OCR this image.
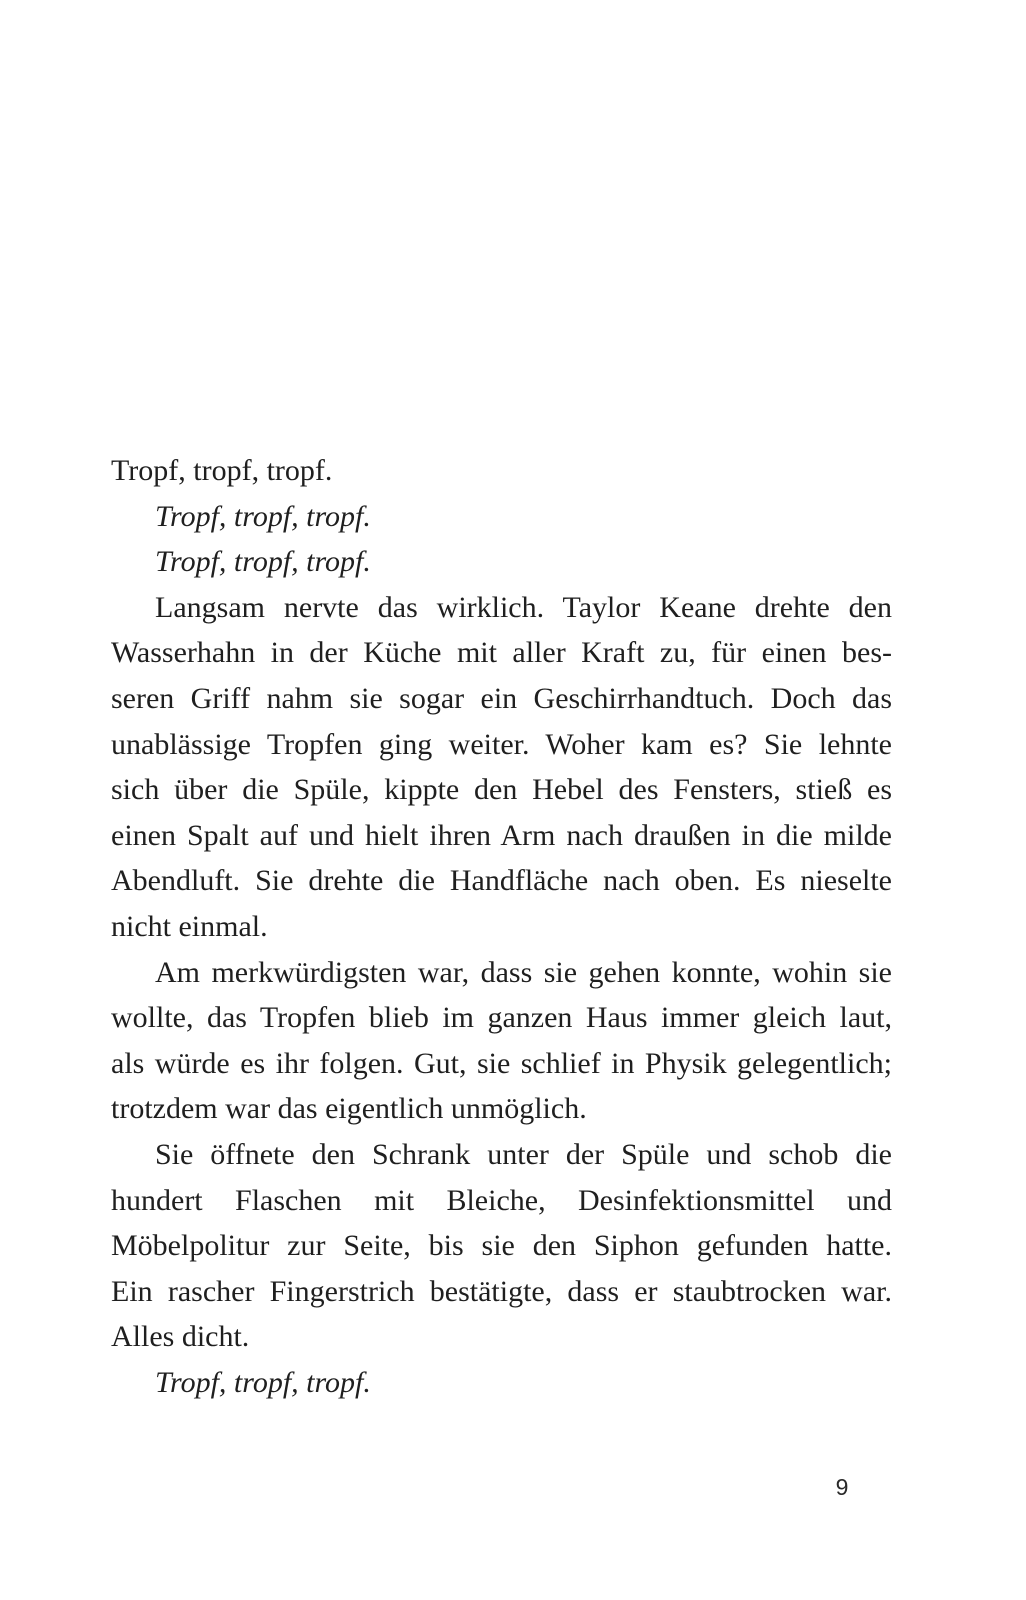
Tropf, tropf, tropf.
Tropf, tropf, tropf.
Tropf, tropf, tropf.
Langsam nervte das wirklich. Taylor Keane drehte den
Wasserhahn in der Küche mit aller Kraft zu, für einen bes-
seren Griff nahm sie sogar ein Geschirrhandtuch. Doch das
unablässige Tropfen ging weiter. Woher kam es? Sie lehnte
sich über die Spüle, kippte den Hebel des Fensters, stieß es
einen Spalt auf und hielt ihren Arm nach draußen in die milde
Abendluft. Sie drehte die Handfläche nach oben. Es nieselte
nicht einmal.
Am merkwürdigsten war, dass sie gehen konnte, wohin sie
wollte, das Tropfen blieb im ganzen Haus immer gleich laut,
als würde es ihr folgen. Gut, sie schlief in Physik gelegentlich;
trotzdem war das eigentlich unmöglich.
Sie öffnete den Schrank unter der Spüle und schob die
hundert Flaschen mit Bleiche, Desinfektionsmittel und
Möbelpolitur zur Seite, bis sie den Siphon gefunden hatte.
Ein rascher Fingerstrich bestätigte, dass er staubtrocken war.
Alles dicht.
Tropf, tropf, tropf.
9
